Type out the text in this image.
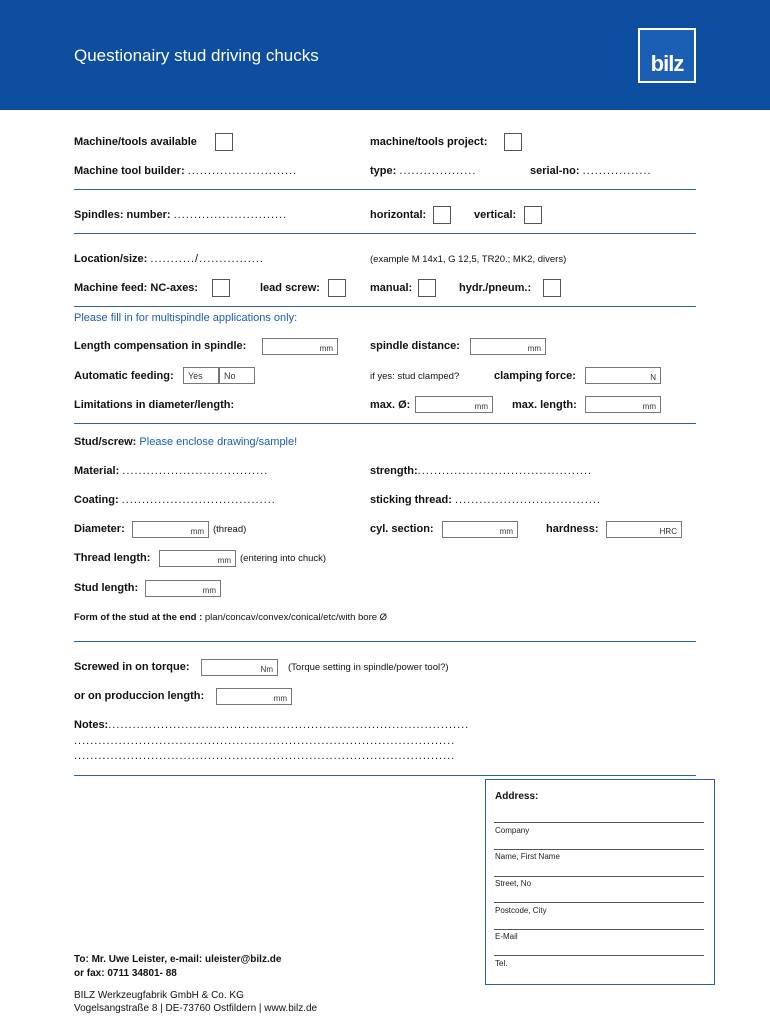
Questionairy stud driving chucks	bilz
Machine/tools available	machine/tools project:
Machine tool builder: ...........................	type: ...................	serial-no: .................
Spindles: number: ............................	horizontal:	vertical:
Location/size: .........../................	(example M 14x1, G 12,5, TR20.; MK2, divers)
Machine feed: NC-axes:	lead screw:	manual:	hydr./pneum.:
Please fill in for multispindle applications only:
Length compensation in spindle:	mm	spindle distance:	mm
Automatic feeding:	Yes	No	if yes: stud clamped?	clamping force:	N
Limitations in diameter/length:	max. Ø:	mm	max. length:	mm
Stud/screw: Please enclose drawing/sample!
Material: ....................................	strength:...........................................
Coating: ......................................	sticking thread: ....................................
Diameter:	mm (thread)	cyl. section:	mm	hardness:	HRC
Thread length:	mm (entering into chuck)
Stud length:	mm
Form of the stud at the end : plan/concav/convex/conical/etc/with bore Ø
Screwed in on torque:	Nm	(Torque setting in spindle/power tool?)
or on produccion length:	mm
Notes:.........................................................................................
..............................................................................................
..............................................................................................
Address:
Company
Name, First Name
Street, No
Postcode, City
E-Mail
Tel.
To: Mr. Uwe Leister, e-mail: uleister@bilz.de
or fax: 0711 34801- 88
BILZ Werkzeugfabrik GmbH & Co. KG
Vogelsangstraße 8 | DE-73760 Ostfildern | www.bilz.de
